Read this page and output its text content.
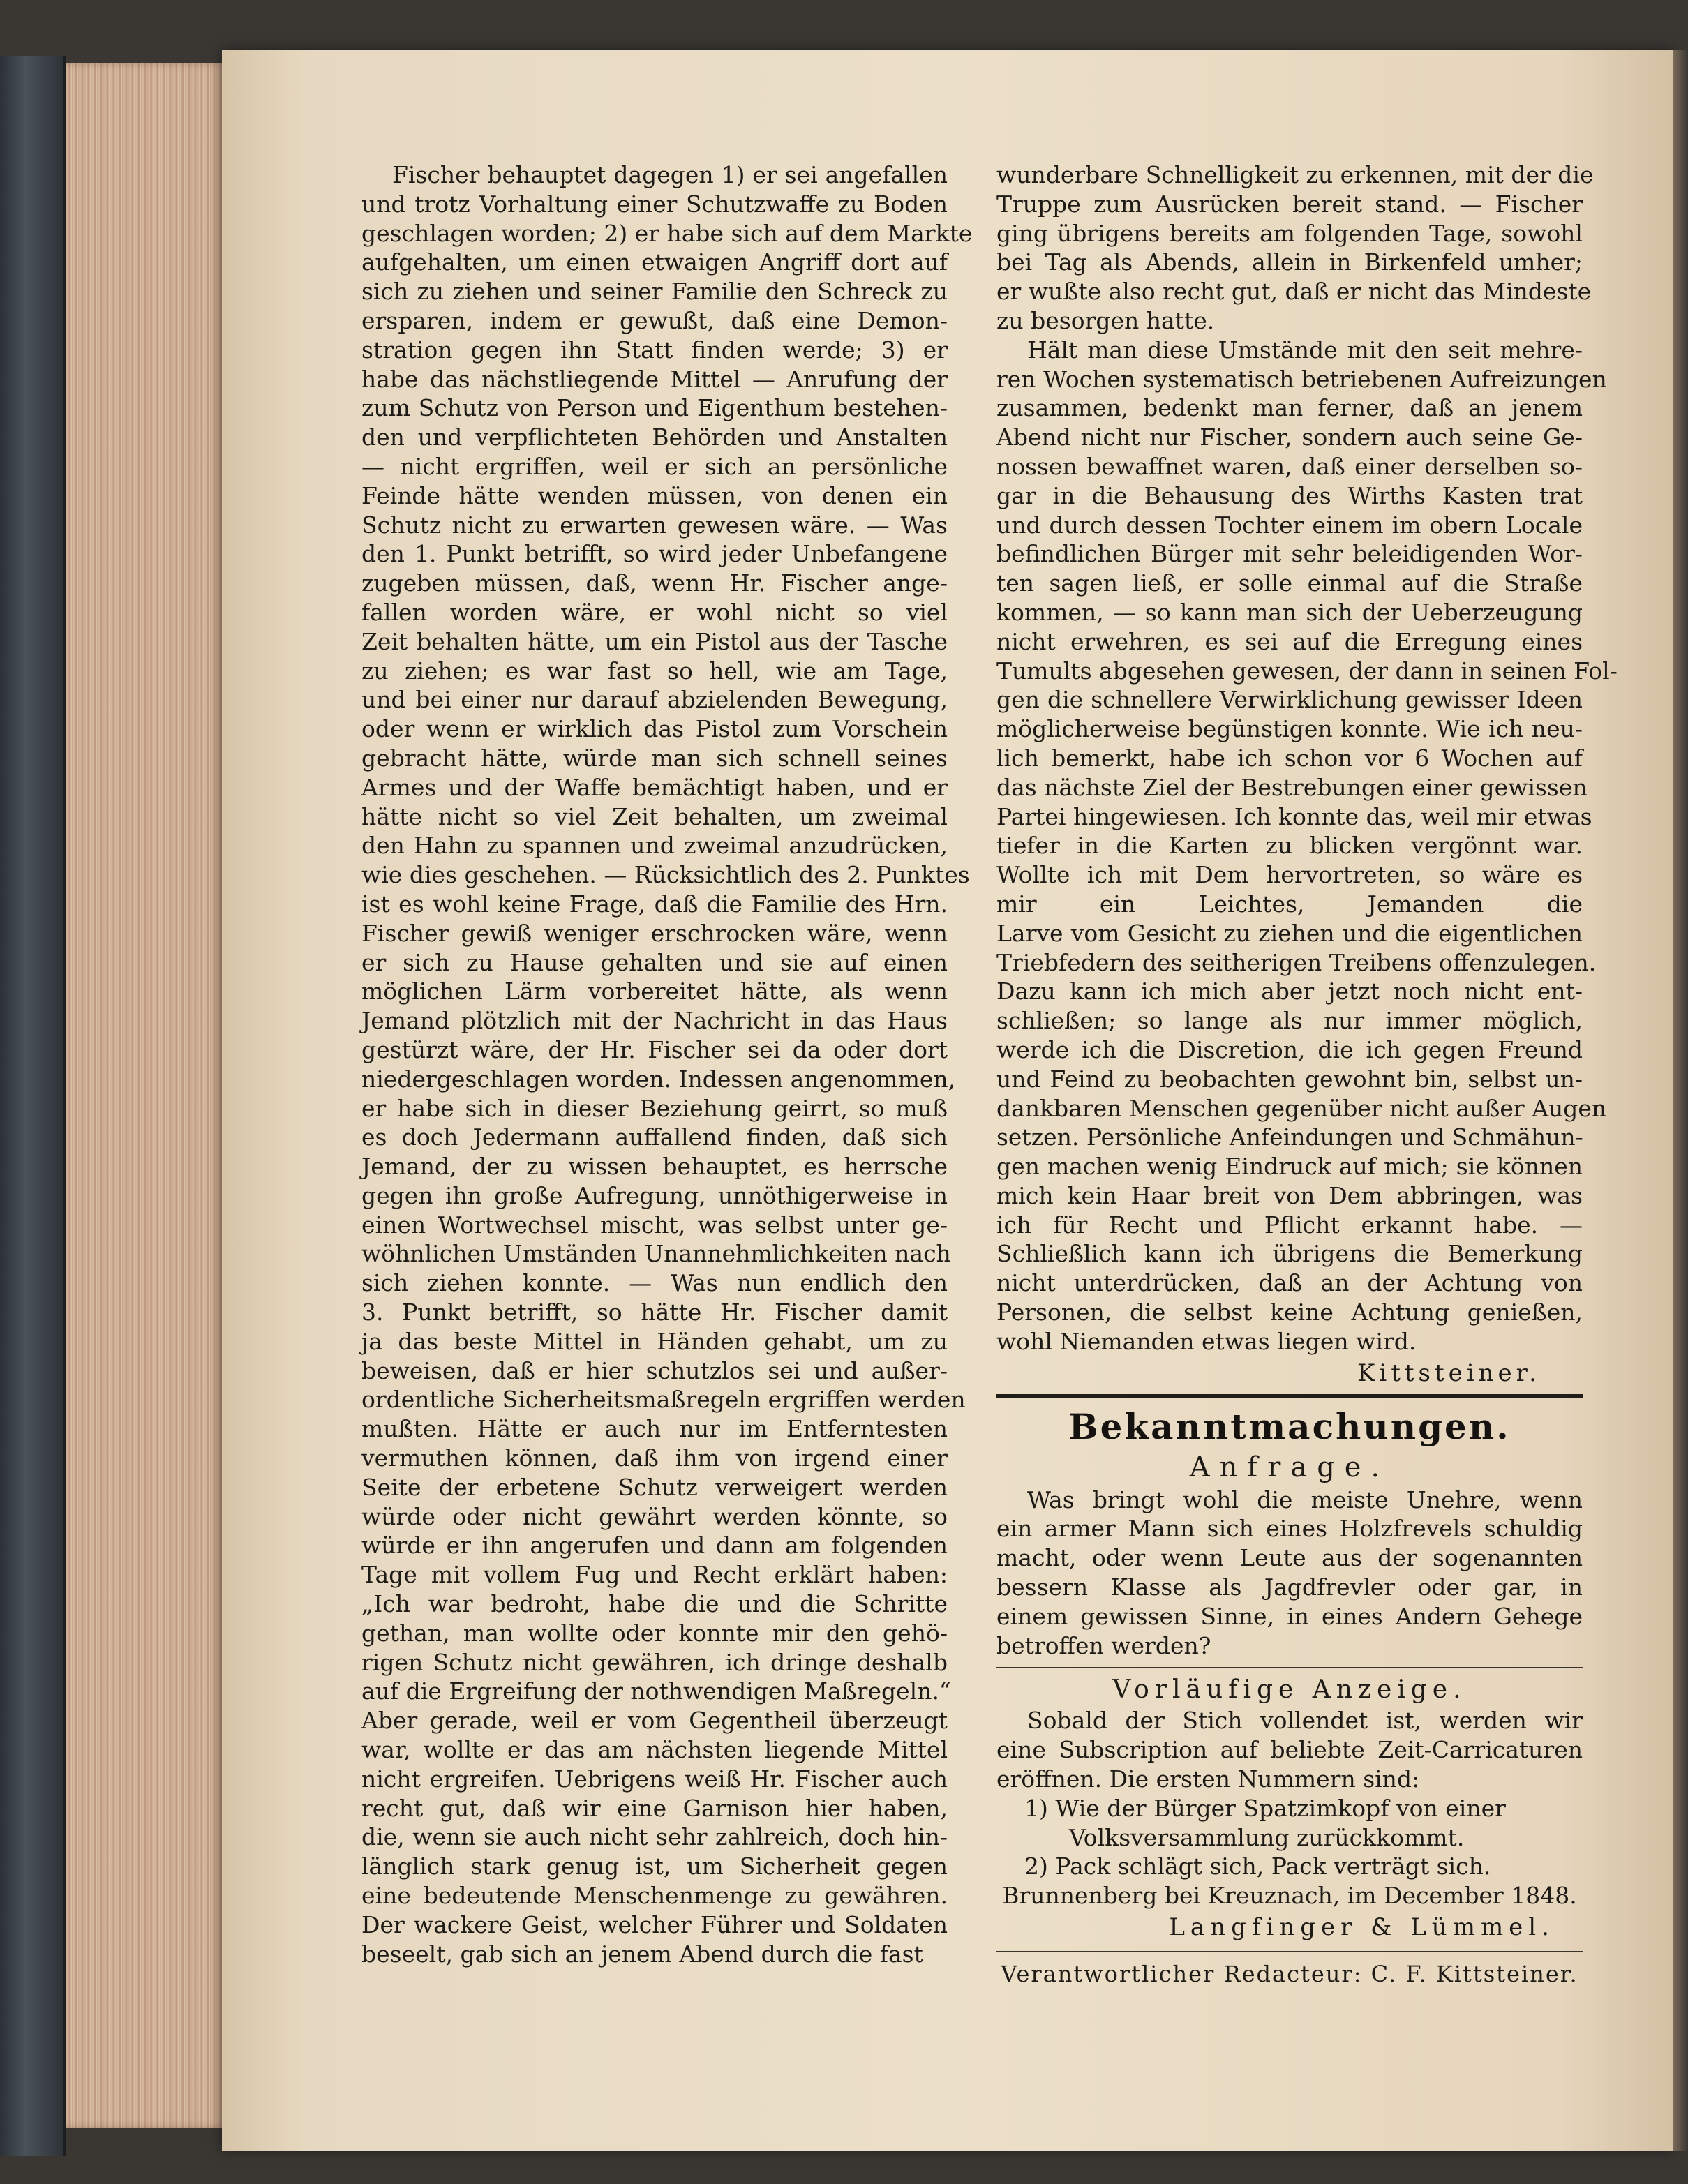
Fischer behauptet dagegen 1) er sei angefallen
und trotz Vorhaltung einer Schutzwaffe zu Boden
geschlagen worden; 2) er habe sich auf dem Markte
aufgehalten, um einen etwaigen Angriff dort auf
sich zu ziehen und seiner Familie den Schreck zu
ersparen, indem er gewußt, daß eine Demon-
stration gegen ihn Statt finden werde; 3) er
habe das nächstliegende Mittel — Anrufung der
zum Schutz von Person und Eigenthum bestehen-
den und verpflichteten Behörden und Anstalten
— nicht ergriffen, weil er sich an persönliche
Feinde hätte wenden müssen, von denen ein
Schutz nicht zu erwarten gewesen wäre. — Was
den 1. Punkt betrifft, so wird jeder Unbefangene
zugeben müssen, daß, wenn Hr. Fischer ange-
fallen worden wäre, er wohl nicht so viel
Zeit behalten hätte, um ein Pistol aus der Tasche
zu ziehen; es war fast so hell, wie am Tage,
und bei einer nur darauf abzielenden Bewegung,
oder wenn er wirklich das Pistol zum Vorschein
gebracht hätte, würde man sich schnell seines
Armes und der Waffe bemächtigt haben, und er
hätte nicht so viel Zeit behalten, um zweimal
den Hahn zu spannen und zweimal anzudrücken,
wie dies geschehen. — Rücksichtlich des 2. Punktes
ist es wohl keine Frage, daß die Familie des Hrn.
Fischer gewiß weniger erschrocken wäre, wenn
er sich zu Hause gehalten und sie auf einen
möglichen Lärm vorbereitet hätte, als wenn
Jemand plötzlich mit der Nachricht in das Haus
gestürzt wäre, der Hr. Fischer sei da oder dort
niedergeschlagen worden. Indessen angenommen,
er habe sich in dieser Beziehung geirrt, so muß
es doch Jedermann auffallend finden, daß sich
Jemand, der zu wissen behauptet, es herrsche
gegen ihn große Aufregung, unnöthigerweise in
einen Wortwechsel mischt, was selbst unter ge-
wöhnlichen Umständen Unannehmlichkeiten nach
sich ziehen konnte. — Was nun endlich den
3. Punkt betrifft, so hätte Hr. Fischer damit
ja das beste Mittel in Händen gehabt, um zu
beweisen, daß er hier schutzlos sei und außer-
ordentliche Sicherheitsmaßregeln ergriffen werden
mußten. Hätte er auch nur im Entferntesten
vermuthen können, daß ihm von irgend einer
Seite der erbetene Schutz verweigert werden
würde oder nicht gewährt werden könnte, so
würde er ihn angerufen und dann am folgenden
Tage mit vollem Fug und Recht erklärt haben:
„Ich war bedroht, habe die und die Schritte
gethan, man wollte oder konnte mir den gehö-
rigen Schutz nicht gewähren, ich dringe deshalb
auf die Ergreifung der nothwendigen Maßregeln.“
Aber gerade, weil er vom Gegentheil überzeugt
war, wollte er das am nächsten liegende Mittel
nicht ergreifen. Uebrigens weiß Hr. Fischer auch
recht gut, daß wir eine Garnison hier haben,
die, wenn sie auch nicht sehr zahlreich, doch hin-
länglich stark genug ist, um Sicherheit gegen
eine bedeutende Menschenmenge zu gewähren.
Der wackere Geist, welcher Führer und Soldaten
beseelt, gab sich an jenem Abend durch die fast
wunderbare Schnelligkeit zu erkennen, mit der die
Truppe zum Ausrücken bereit stand. — Fischer
ging übrigens bereits am folgenden Tage, sowohl
bei Tag als Abends, allein in Birkenfeld umher;
er wußte also recht gut, daß er nicht das Mindeste
zu besorgen hatte.
Hält man diese Umstände mit den seit mehre-
ren Wochen systematisch betriebenen Aufreizungen
zusammen, bedenkt man ferner, daß an jenem
Abend nicht nur Fischer, sondern auch seine Ge-
nossen bewaffnet waren, daß einer derselben so-
gar in die Behausung des Wirths Kasten trat
und durch dessen Tochter einem im obern Locale
befindlichen Bürger mit sehr beleidigenden Wor-
ten sagen ließ, er solle einmal auf die Straße
kommen, — so kann man sich der Ueberzeugung
nicht erwehren, es sei auf die Erregung eines
Tumults abgesehen gewesen, der dann in seinen Fol-
gen die schnellere Verwirklichung gewisser Ideen
möglicherweise begünstigen konnte. Wie ich neu-
lich bemerkt, habe ich schon vor 6 Wochen auf
das nächste Ziel der Bestrebungen einer gewissen
Partei hingewiesen. Ich konnte das, weil mir etwas
tiefer in die Karten zu blicken vergönnt war.
Wollte ich mit Dem hervortreten, so wäre es
mir ein Leichtes, Jemanden die
Larve vom Gesicht zu ziehen und die eigentlichen
Triebfedern des seitherigen Treibens offenzulegen.
Dazu kann ich mich aber jetzt noch nicht ent-
schließen; so lange als nur immer möglich,
werde ich die Discretion, die ich gegen Freund
und Feind zu beobachten gewohnt bin, selbst un-
dankbaren Menschen gegenüber nicht außer Augen
setzen. Persönliche Anfeindungen und Schmähun-
gen machen wenig Eindruck auf mich; sie können
mich kein Haar breit von Dem abbringen, was
ich für Recht und Pflicht erkannt habe. —
Schließlich kann ich übrigens die Bemerkung
nicht unterdrücken, daß an der Achtung von
Personen, die selbst keine Achtung genießen,
wohl Niemanden etwas liegen wird.
Kittsteiner.
Bekanntmachungen.
Anfrage.
Was bringt wohl die meiste Unehre, wenn
ein armer Mann sich eines Holzfrevels schuldig
macht, oder wenn Leute aus der sogenannten
bessern Klasse als Jagdfrevler oder gar, in
einem gewissen Sinne, in eines Andern Gehege
betroffen werden?
Vorläufige Anzeige.
Sobald der Stich vollendet ist, werden wir
eine Subscription auf beliebte Zeit-Carricaturen
eröffnen. Die ersten Nummern sind:
1) Wie der Bürger Spatzimkopf von einer
Volksversammlung zurückkommt.
2) Pack schlägt sich, Pack verträgt sich.
Brunnenberg bei Kreuznach, im December 1848.
Langfinger & Lümmel.
Verantwortlicher Redacteur: C. F. Kittsteiner.
